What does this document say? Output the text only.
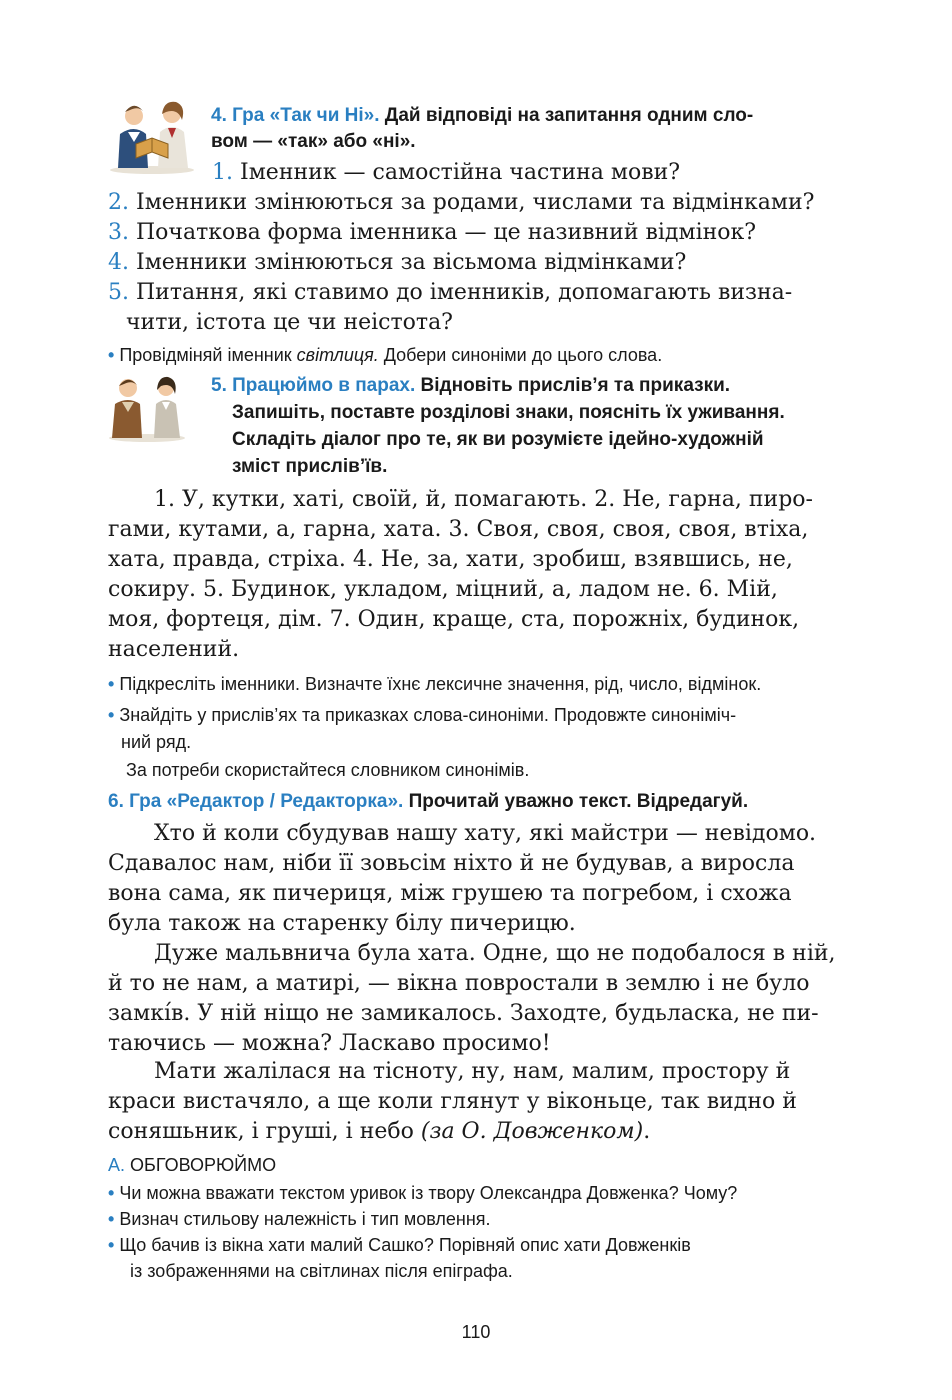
4. Гра «Так чи Ні». Дай відповіді на запитання одним сло-
вом — «так» або «ні».
1. Іменник — самостійна частина мови?
2. Іменники змінюються за родами, числами та відмінками?
3. Початкова форма іменника — це називний відмінок?
4. Іменники змінюються за вісьмома відмінками?
5. Питання, які ставимо до іменників, допомагають визна-
чити, істота це чи неістота?
• Провідміняй іменник світлиця. Добери синоніми до цього слова.
5. Працюймо в парах. Відновіть прислів’я та приказки.
Запишіть, поставте розділові знаки, поясніть їх уживання.
Складіть діалог про те, як ви розумієте ідейно-художній
зміст прислів’їв.
1. У, кутки, хаті, своїй, й, помагають. 2. Не, гарна, пиро-
гами, кутами, а, гарна, хата. 3. Своя, своя, своя, своя, втіха,
хата, правда, стріха. 4. Не, за, хати, зробиш, взявшись, не,
сокиру. 5. Будинок, укладом, міцний, а, ладом не. 6. Мій,
моя, фортеця, дім. 7. Один, краще, ста, порожніх, будинок,
населений.
• Підкресліть іменники. Визначте їхнє лексичне значення, рід, число, відмінок.
• Знайдіть у прислів’ях та приказках слова-синоніми. Продовжте синоніміч-
ний ряд.
За потреби скористайтеся словником синонімів.
6. Гра «Редактор / Редакторка». Прочитай уважно текст. Відредагуй.
Хто й коли сбудував нашу хату, які майстри — невідомо.
Сдавалос нам, ніби її зовьсім ніхто й не будував, а виросла
вона сама, як пичериця, між грушею та погребом, і схожа
була також на старенку білу пичерицю.
Дуже мальвнича була хата. Одне, що не подобалося в ній,
й то не нам, а матирі, — вікна повростали в землю і не було
замкі́в. У ній нiщо не замикалось. Заходте, будьласка, не пи-
таючись — можна? Ласкаво просимо!
Мати жалілася на тісноту, ну, нам, малим, простору й
краси вистачяло, а ще коли глянут у віконьце, так видно й
соняшьник, і груші, і небо (за О. Довженком).
А. ОБГОВОРЮЙМО
• Чи можна вважати текстом уривок із твору Олександра Довженка? Чому?
• Визнач стильову належність і тип мовлення.
• Що бачив із вікна хати малий Сашко? Порівняй опис хати Довженків
із зображеннями на світлинах після епіграфа.
110
